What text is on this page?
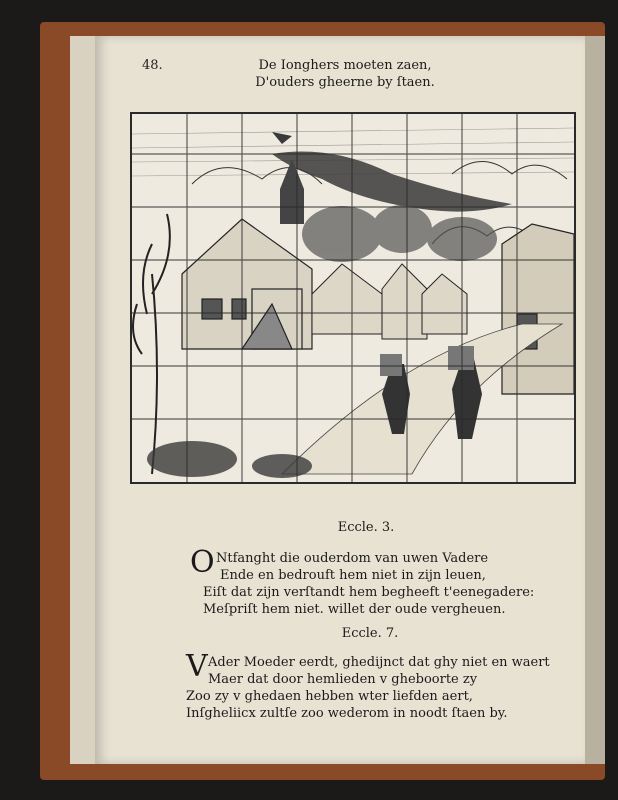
48.	De Ionghers moeten zaen,
D'ouders gheerne by ſtaen.
Eccle. 3.
O Ntfanght die ouderdom van uwen Vadere
Ende en bedrouft hem niet in zijn leuen,
Eiſt dat zijn verſtandt hem begheeft t'eenegadere:
Meſpriſt hem niet. willet der oude vergheuen.
Eccle. 7.
V Ader Moeder eerdt, ghedijnct dat ghy niet en waert
Maer dat door hemlieden v gheboorte zy
Zoo zy v ghedaen hebben wter liefden aert,
Inſgheliicx zultſe zoo wederom in noodt ſtaen by.
